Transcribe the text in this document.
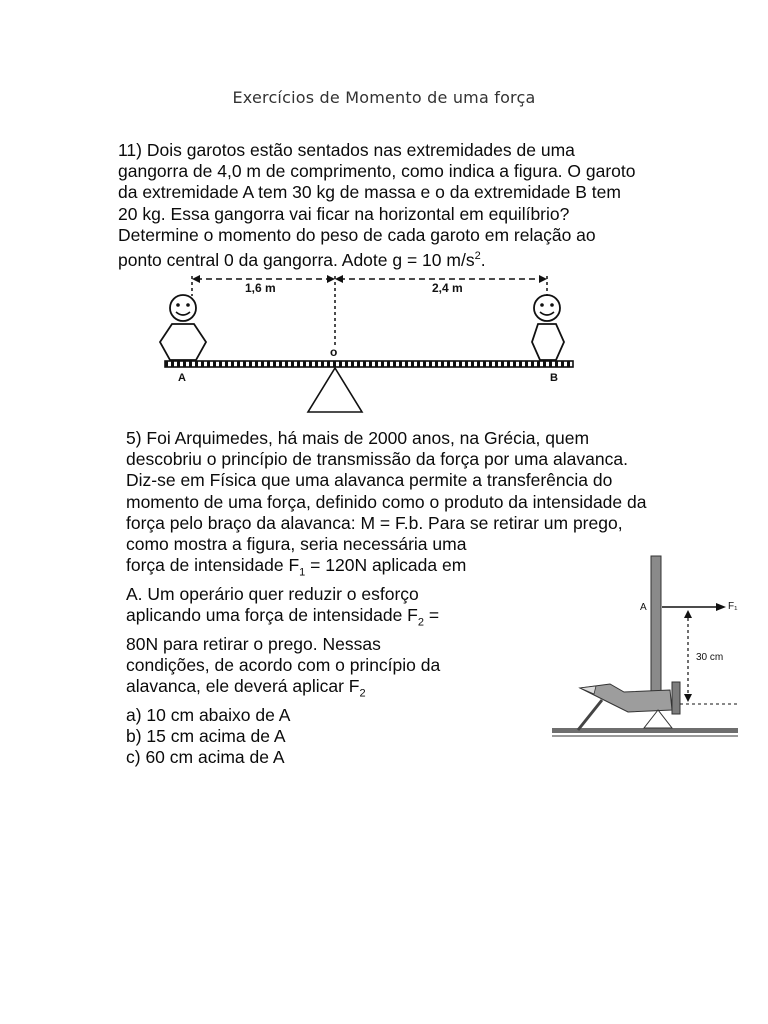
Exercícios de Momento de uma força
11) Dois garotos estão sentados nas extremidades de uma
gangorra de 4,0 m de comprimento, como indica a figura. O garoto
da extremidade A tem 30 kg de massa e o da extremidade B tem
20 kg. Essa gangorra vai ficar na horizontal em equilíbrio?
Determine o momento do peso de cada garoto em relação ao
ponto central 0 da gangorra. Adote g = 10 $m/s^2$.
1,6 m	2,4 m
o
A	B
5) Foi Arquimedes, há mais de 2000 anos, na Grécia, quem
descobriu o princípio de transmissão da força por uma alavanca.
Diz-se em Física que uma alavanca permite a transferência do
momento de uma força, definido como o produto da intensidade da
força pelo braço da alavanca: M = F.b. Para se retirar um prego,
como mostra a figura, seria necessária uma
força de intensidade $F_1 = 120N$ aplicada em
A. Um operário quer reduzir o esforço
aplicando uma força de intensidade $F_2$ =
80N para retirar o prego. Nessas
condições, de acordo com o princípio da
alavanca, ele deverá aplicar $F_2$
a) 10 cm abaixo de A
b) 15 cm acima de A
c) 60 cm acima de A
A	F₁
30 cm
